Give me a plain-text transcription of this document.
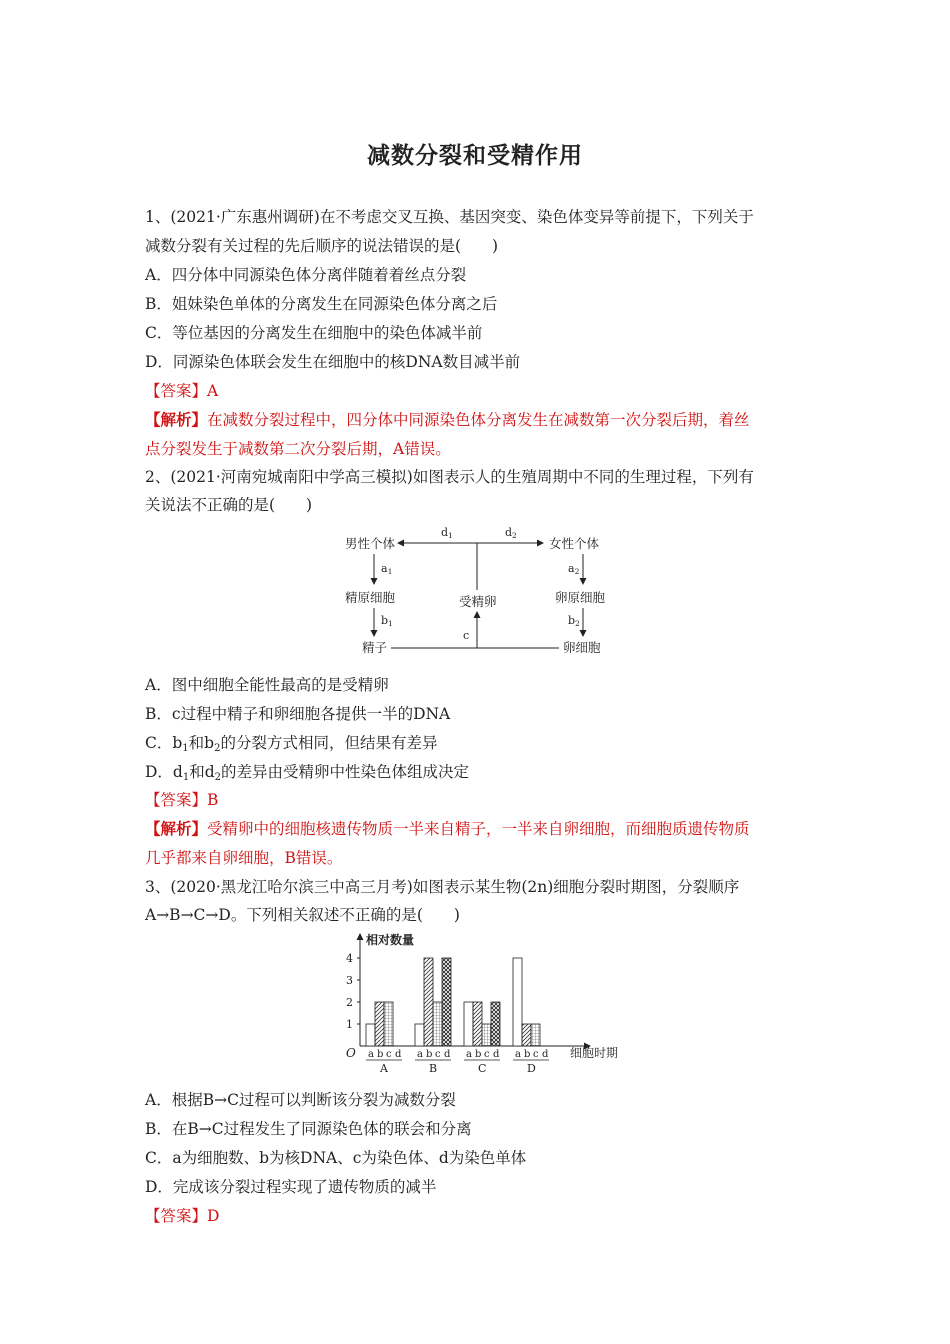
减数分裂和受精作用
1、(2021·广东惠州调研)在不考虑交叉互换、基因突变、染色体变异等前提下，下列关于
减数分裂有关过程的先后顺序的说法错误的是(　　)
A．四分体中同源染色体分离伴随着着丝点分裂
B．姐妹染色单体的分离发生在同源染色体分离之后
C．等位基因的分离发生在细胞中的染色体减半前
D．同源染色体联会发生在细胞中的核DNA数目减半前
【答案】A
【解析】在减数分裂过程中，四分体中同源染色体分离发生在减数第一次分裂后期，着丝
点分裂发生于减数第二次分裂后期，A错误。
2、(2021·河南宛城南阳中学高三模拟)如图表示人的生殖周期中不同的生理过程，下列有
关说法不正确的是(　　)
男性个体	女性个体
精原细胞	卵原细胞
受精卵
精子	卵细胞
d1	d2
a1	a2
b1	b2
c
A．图中细胞全能性最高的是受精卵
B．c过程中精子和卵细胞各提供一半的DNA
C．$b_1$和$b_2$的分裂方式相同，但结果有差异
D．$d_1$和$d_2$的差异由受精卵中性染色体组成决定
【答案】B
【解析】受精卵中的细胞核遗传物质一半来自精子，一半来自卵细胞，而细胞质遗传物质
几乎都来自卵细胞，B错误。
3、(2020·黑龙江哈尔滨三中高三月考)如图表示某生物(2n)细胞分裂时期图，分裂顺序
A→B→C→D。下列相关叙述不正确的是(　　)
相对数量
细胞时期
O
1
2
3
4
a b c d
A
a b c d
B
a b c d
C
a b c d
D
A．根据B→C过程可以判断该分裂为减数分裂
B．在B→C过程发生了同源染色体的联会和分离
C．a为细胞数、b为核DNA、c为染色体、d为染色单体
D．完成该分裂过程实现了遗传物质的减半
【答案】D
